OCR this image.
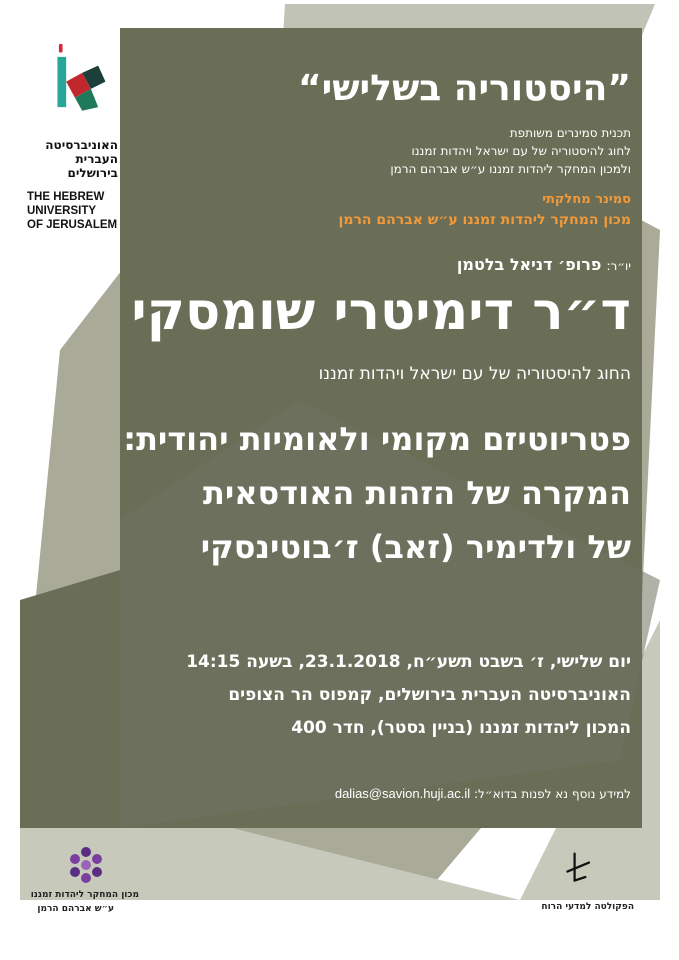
האוניברסיטה
העברית
בירושלים
THE HEBREW
UNIVERSITY
OF JERUSALEM
”היסטוריה בשלישי“
תכנית סמינרים משותפת
לחוג להיסטוריה של עם ישראל ויהדות זמננו
ולמכון המחקר ליהדות זמננו ע״ש אברהם הרמן
סמינר מחלקתי
מכון המחקר ליהדות זמננו ע״ש אברהם הרמן
יו״ר: פרופ׳ דניאל בלטמן
ד״ר דימיטרי שומסקי
החוג להיסטוריה של עם ישראל ויהדות זמננו
פטריוטיזם מקומי ולאומיות יהודית:
המקרה של הזהות האודסאית
של ולדימיר (זאב) ז׳בוטינסקי
יום שלישי, ז׳ בשבט תשע״ח, 23.1.2018, בשעה 14:15
האוניברסיטה העברית בירושלים, קמפוס הר הצופים
המכון ליהדות זמננו (בניין גסטר), חדר 400
למידע נוסף נא לפנות בדוא״ל: dalias@savion.huji.ac.il
מכון המחקר ליהדות זמננו
ע״ש אברהם הרמן	הפקולטה למדעי הרוח
